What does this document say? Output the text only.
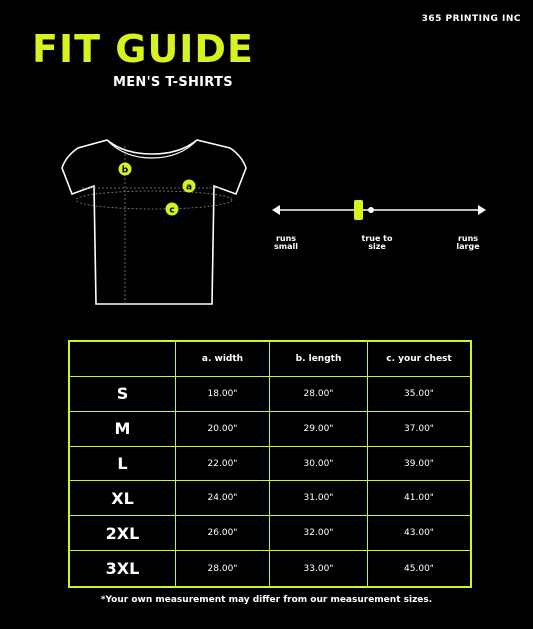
365 PRINTING INC
FIT GUIDE
MEN'S T-SHIRTS
b
a
c
runs small
true to size
runs large
a. width	b. length	c. your chest
S	18.00"	28.00"	35.00"
M	20.00"	29.00"	37.00"
L	22.00"	30.00"	39.00"
XL	24.00"	31.00"	41.00"
2XL	26.00"	32.00"	43.00"
3XL	28.00"	33.00"	45.00"
*Your own measurement may differ from our measurement sizes.
